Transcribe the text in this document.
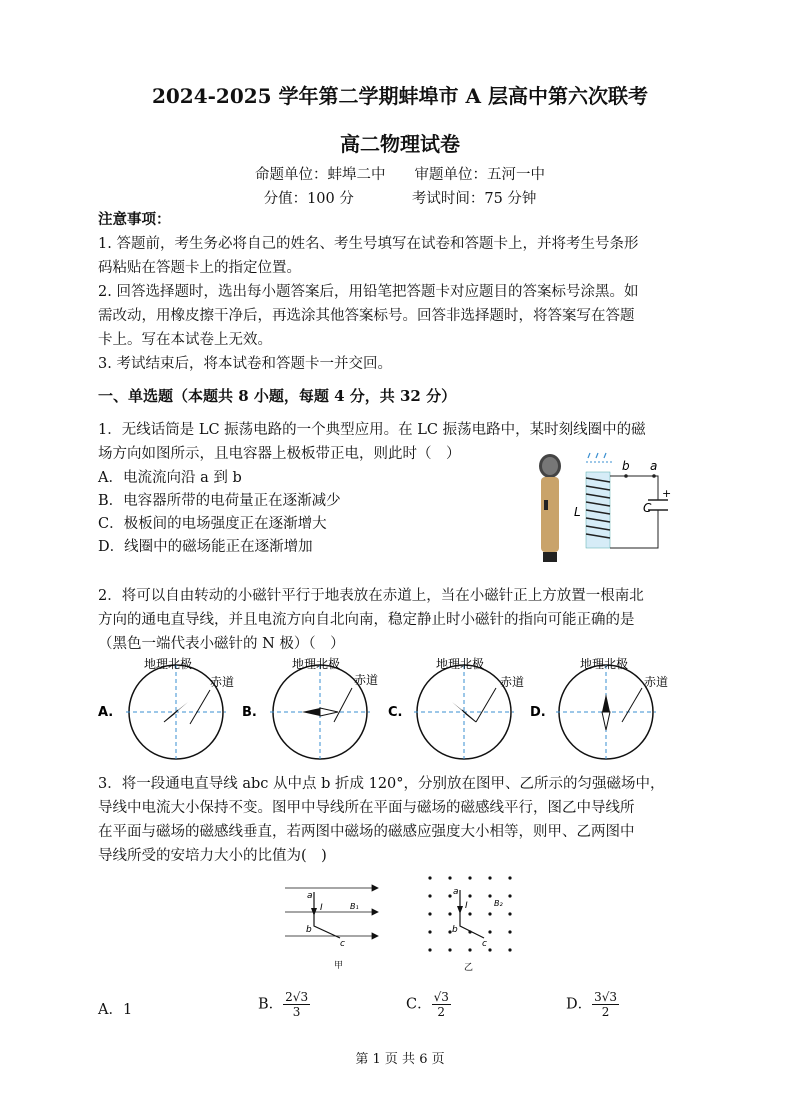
2024-2025 学年第二学期蚌埠市 A 层高中第六次联考
高二物理试卷
命题单位：蚌埠二中　　审题单位：五河一中
分值：100 分　　　　考试时间：75 分钟
注意事项：
1. 答题前，考生务必将自己的姓名、考生号填写在试卷和答题卡上，并将考生号条形
码粘贴在答题卡上的指定位置。
2. 回答选择题时，选出每小题答案后，用铅笔把答题卡对应题目的答案标号涂黑。如
需改动，用橡皮擦干净后，再选涂其他答案标号。回答非选择题时，将答案写在答题
卡上。写在本试卷上无效。
3. 考试结束后，将本试卷和答题卡一并交回。
一、单选题（本题共 8 小题，每题 4 分，共 32 分）
1．无线话筒是 LC 振荡电路的一个典型应用。在 LC 振荡电路中，某时刻线圈中的磁
场方向如图所示，且电容器上极板带正电，则此时（　）
A．电流流向沿 a 到 b
B．电容器所带的电荷量正在逐渐减少
C．极板间的电场强度正在逐渐增大
D．线圈中的磁场能正在逐渐增加
b a
L	C
+
2．将可以自由转动的小磁针平行于地表放在赤道上，当在小磁针正上方放置一根南北
方向的通电直导线，并且电流方向自北向南，稳定静止时小磁针的指向可能正确的是
（黑色一端代表小磁针的 N 极）（　）
A.
地理北极
赤道
B.
地理北极
赤道
C.
地理北极
赤道
D.
地理北极
赤道
3．将一段通电直导线 abc 从中点 b 折成 120°，分别放在图甲、乙所示的匀强磁场中，
导线中电流大小保持不变。图甲中导线所在平面与磁场的磁感线平行，图乙中导线所
在平面与磁场的磁感线垂直，若两图中磁场的磁感应强度大小相等，则甲、乙两图中
导线所受的安培力大小的比值为(　)
a
b
c
I	B₁
甲
a
b
c
I	B₂
乙
A．1	B． $\frac{2√3}{3}$	C． $\frac{√3}{2}$	D． $\frac{3√3}{2}$
第 1 页 共 6 页
